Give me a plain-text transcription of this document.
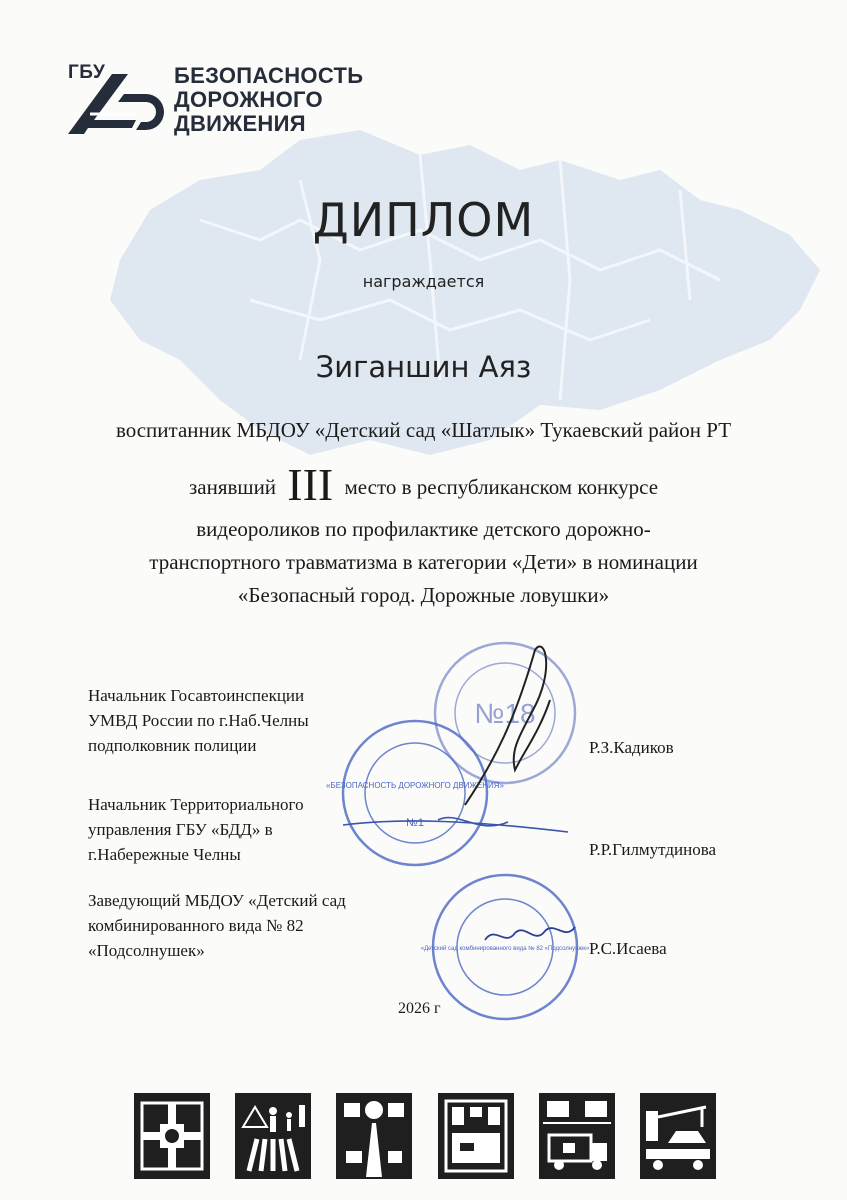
ГБУ	БЕЗОПАСНОСТЬ
ДОРОЖНОГО
ДВИЖЕНИЯ
ДИПЛОМ
награждается
Зиганшин Аяз
воспитанник МБДОУ «Детский сад «Шатлык» Тукаевский район РТ
занявший III место в республиканском конкурсе
видеороликов по профилактике детского дорожно-
транспортного травматизма в категории «Дети» в номинации
«Безопасный город. Дорожные ловушки»
№18
«БЕЗОПАСНОСТЬ ДОРОЖНОГО ДВИЖЕНИЯ»
№1
«Детский сад комбинированного вида № 82 «Подсолнушек»
Начальник Госавтоинспекции
УМВД России по г.Наб.Челны
подполковник полиции	Р.З.Кадиков
Начальник Территориального
управления ГБУ «БДД» в
г.Набережные Челны	Р.Р.Гилмутдинова
Заведующий МБДОУ «Детский сад
комбинированного вида № 82
«Подсолнушек»	Р.С.Исаева
2026 г
